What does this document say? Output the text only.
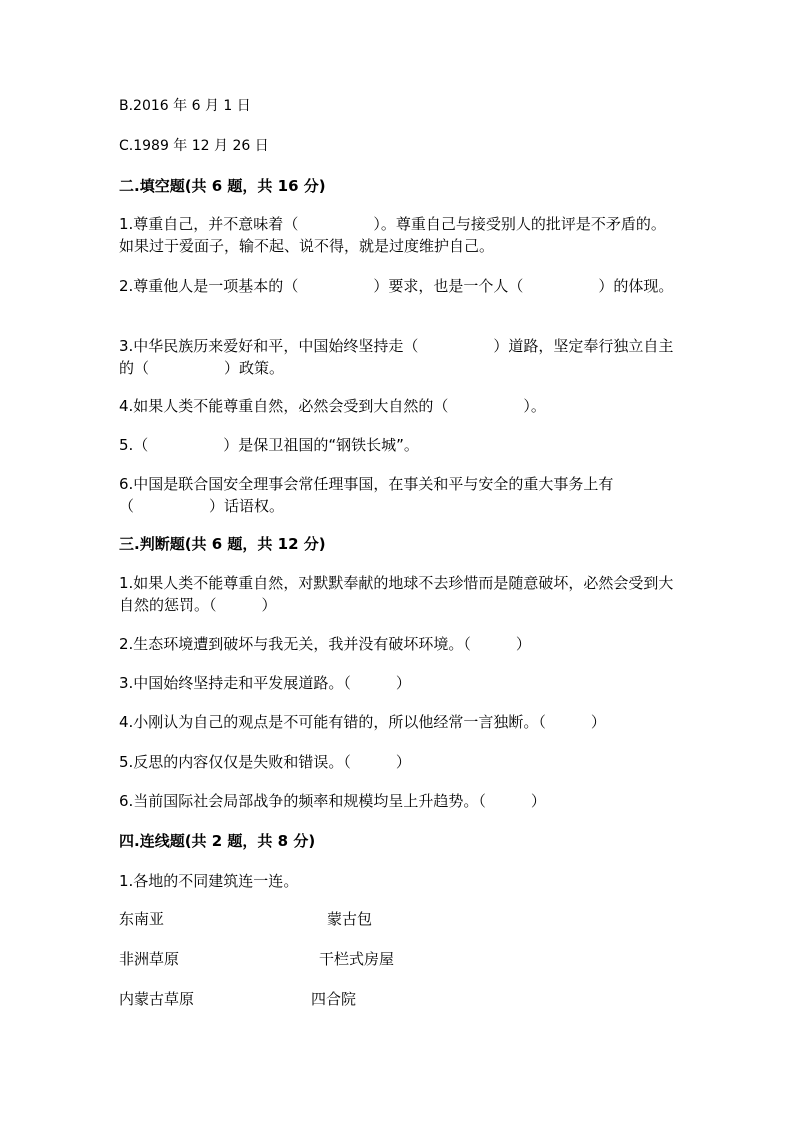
B.2016 年 6 月 1 日
C.1989 年 12 月 26 日
二.填空题(共 6 题，共 16 分)
1.尊重自己，并不意味着（　　　　　）。尊重自己与接受别人的批评是不矛盾的。如果过于爱面子，输不起、说不得，就是过度维护自己。
2.尊重他人是一项基本的（　　　　　）要求，也是一个人（　　　　　）的体现。
3.中华民族历来爱好和平，中国始终坚持走（　　　　　）道路，坚定奉行独立自主的（　　　　　）政策。
4.如果人类不能尊重自然，必然会受到大自然的（　　　　　）。
5.（　　　　　）是保卫祖国的“钢铁长城”。
6.中国是联合国安全理事会常任理事国，在事关和平与安全的重大事务上有（　　　　　）话语权。
三.判断题(共 6 题，共 12 分)
1.如果人类不能尊重自然，对默默奉献的地球不去珍惜而是随意破坏，必然会受到大自然的惩罚。（　　　）
2.生态环境遭到破坏与我无关，我并没有破坏环境。（　　　）
3.中国始终坚持走和平发展道路。（　　　）
4.小刚认为自己的观点是不可能有错的，所以他经常一言独断。（　　　）
5.反思的内容仅仅是失败和错误。（　　　）
6.当前国际社会局部战争的频率和规模均呈上升趋势。（　　　）
四.连线题(共 2 题，共 8 分)
1.各地的不同建筑连一连。
东南亚	蒙古包
非洲草原	干栏式房屋
内蒙古草原	四合院
